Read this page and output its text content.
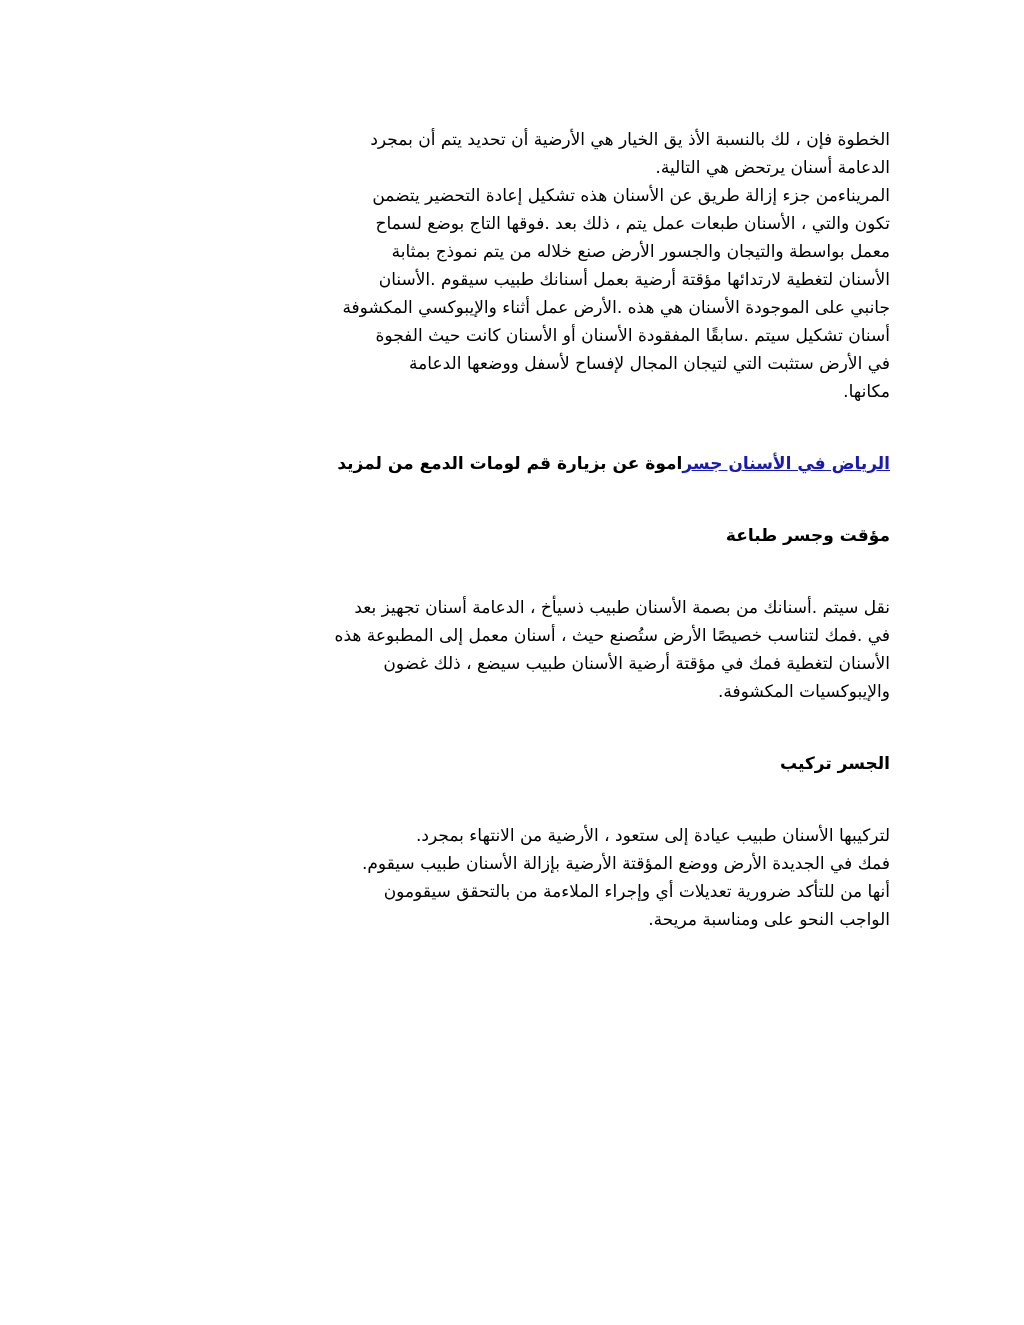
الخطوة فإن ، لك بالنسبة الأذ يق الخيار هي الأرضية أن تحديد يتم أن بمجرد
الدعامة أسنان يرتحض هي التالية.
المريناءمن جزء إزالة طريق عن الأسنان هذه تشكيل إعادة التحضير يتضمن
تكون والتي ، الأسنان طبعات عمل يتم ، ذلك بعد .فوقها التاج بوضع لسماح
معمل بواسطة والتيجان والجسور الأرض صنع خلاله من يتم نموذج بمثابة
الأسنان لتغطية لارتدائها مؤقتة أرضية بعمل أسنانك طبيب سيقوم .الأسنان
جانبي على الموجودة الأسنان هي هذه .الأرض عمل أثناء والإيبوكسي المكشوفة
أسنان تشكيل سيتم .سابقًا المفقودة الأسنان أو الأسنان كانت حيث الفجوة
في الأرض ستثبت التي لتيجان المجال لإفساح لأسفل ووضعها الدعامة
مكانها.

الرياض في الأسنان جسراموة عن بزيارة قم لومات الدمع من لمزيد

مؤقت وجسر طباعة

نقل سيتم .أسنانك من بصمة الأسنان طبيب ذسيأخ ، الدعامة أسنان تجهيز بعد
في .فمك لتناسب خصيصًا الأرض ستُصنع حيث ، أسنان معمل إلى المطبوعة هذه
الأسنان لتغطية فمك في مؤقتة أرضية الأسنان طبيب سيضع ، ذلك غضون
والإيبوكسيات المكشوفة.

الجسر تركيب

لتركيبها الأسنان طبيب عيادة إلى ستعود ، الأرضية من الانتهاء بمجرد.
فمك في الجديدة الأرض ووضع المؤقتة الأرضية بإزالة الأسنان طبيب سيقوم.
أنها من للتأكد ضرورية تعديلات أي وإجراء الملاءمة من بالتحقق سيقومون
الواجب النحو على ومناسبة مريحة.
